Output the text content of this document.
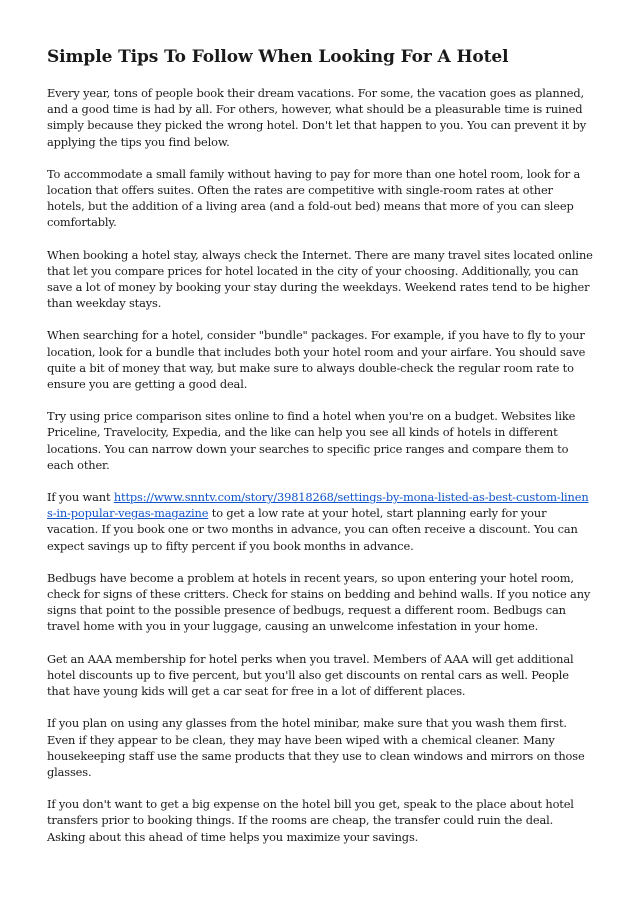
Simple Tips To Follow When Looking For A Hotel

Every year, tons of people book their dream vacations. For some, the vacation goes as planned, and a good time is had by all. For others, however, what should be a pleasurable time is ruined simply because they picked the wrong hotel. Don't let that happen to you. You can prevent it by applying the tips you find below.

To accommodate a small family without having to pay for more than one hotel room, look for a location that offers suites. Often the rates are competitive with single-room rates at other hotels, but the addition of a living area (and a fold-out bed) means that more of you can sleep comfortably.

When booking a hotel stay, always check the Internet. There are many travel sites located online that let you compare prices for hotel located in the city of your choosing. Additionally, you can save a lot of money by booking your stay during the weekdays. Weekend rates tend to be higher than weekday stays.

When searching for a hotel, consider "bundle" packages. For example, if you have to fly to your location, look for a bundle that includes both your hotel room and your airfare. You should save quite a bit of money that way, but make sure to always double-check the regular room rate to ensure you are getting a good deal.

Try using price comparison sites online to find a hotel when you're on a budget. Websites like Priceline, Travelocity, Expedia, and the like can help you see all kinds of hotels in different locations. You can narrow down your searches to specific price ranges and compare them to each other.

If you want https://www.snntv.com/story/39818268/settings-by-mona-listed-as-best-custom-linens-in-popular-vegas-magazine to get a low rate at your hotel, start planning early for your vacation. If you book one or two months in advance, you can often receive a discount. You can expect savings up to fifty percent if you book months in advance.

Bedbugs have become a problem at hotels in recent years, so upon entering your hotel room, check for signs of these critters. Check for stains on bedding and behind walls. If you notice any signs that point to the possible presence of bedbugs, request a different room. Bedbugs can travel home with you in your luggage, causing an unwelcome infestation in your home.

Get an AAA membership for hotel perks when you travel. Members of AAA will get additional hotel discounts up to five percent, but you'll also get discounts on rental cars as well. People that have young kids will get a car seat for free in a lot of different places.

If you plan on using any glasses from the hotel minibar, make sure that you wash them first. Even if they appear to be clean, they may have been wiped with a chemical cleaner. Many housekeeping staff use the same products that they use to clean windows and mirrors on those glasses.

If you don't want to get a big expense on the hotel bill you get, speak to the place about hotel transfers prior to booking things. If the rooms are cheap, the transfer could ruin the deal. Asking about this ahead of time helps you maximize your savings.
